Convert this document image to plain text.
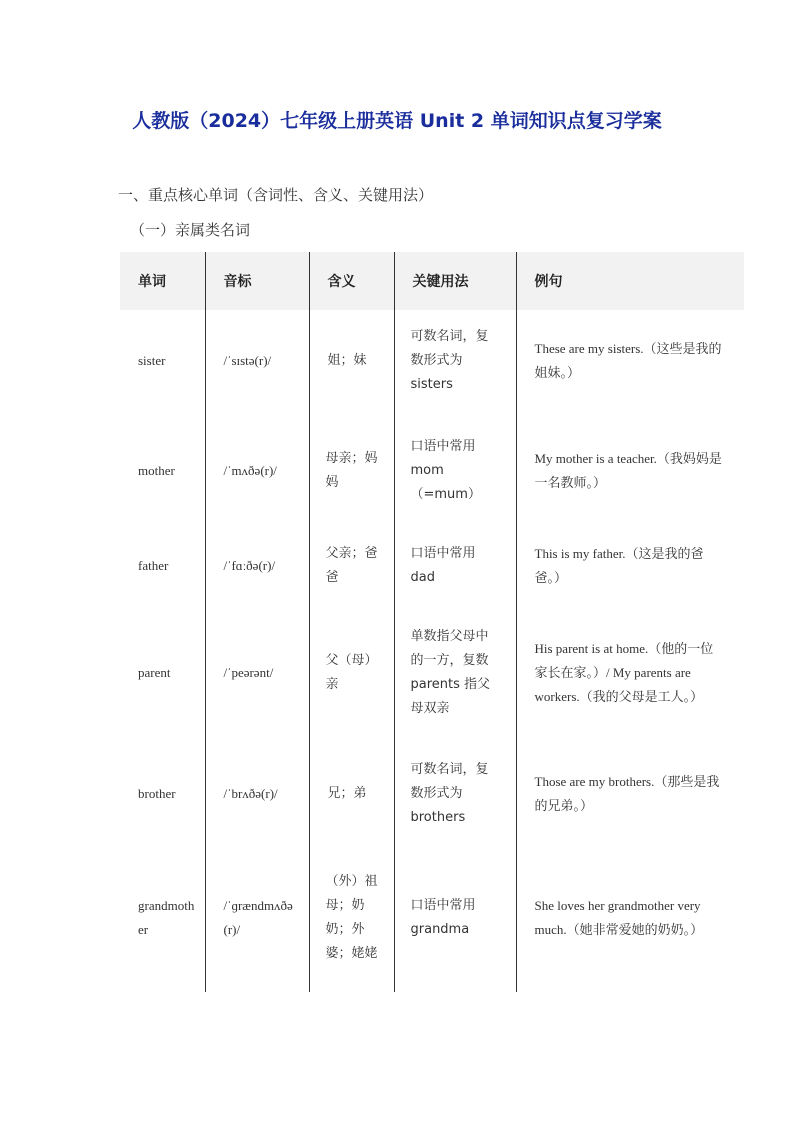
人教版（2024）七年级上册英语 Unit 2 单词知识点复习学案
一、重点核心单词（含词性、含义、关键用法）
（一）亲属类名词
单词	音标	含义	关键用法	例句
sister	/ˈsɪstə(r)/	姐；妹	可数名词，复数形式为 sisters	These are my sisters.（这些是我的姐妹。）
mother	/ˈmʌðə(r)/	母亲；妈妈	口语中常用 mom（=mum）	My mother is a teacher.（我妈妈是一名教师。）
father	/ˈfɑːðə(r)/	父亲；爸爸	口语中常用 dad	This is my father.（这是我的爸爸。）
parent	/ˈpeərənt/	父（母）亲	单数指父母中的一方，复数 parents 指父母双亲	His parent is at home.（他的一位家长在家。）/ My parents are workers.（我的父母是工人。）
brother	/ˈbrʌðə(r)/	兄；弟	可数名词，复数形式为 brothers	Those are my brothers.（那些是我的兄弟。）
grandmother	/ˈɡrændmʌðə(r)/	（外）祖母；奶奶；外婆；姥姥	口语中常用 grandma	She loves her grandmother very much.（她非常爱她的奶奶。）
